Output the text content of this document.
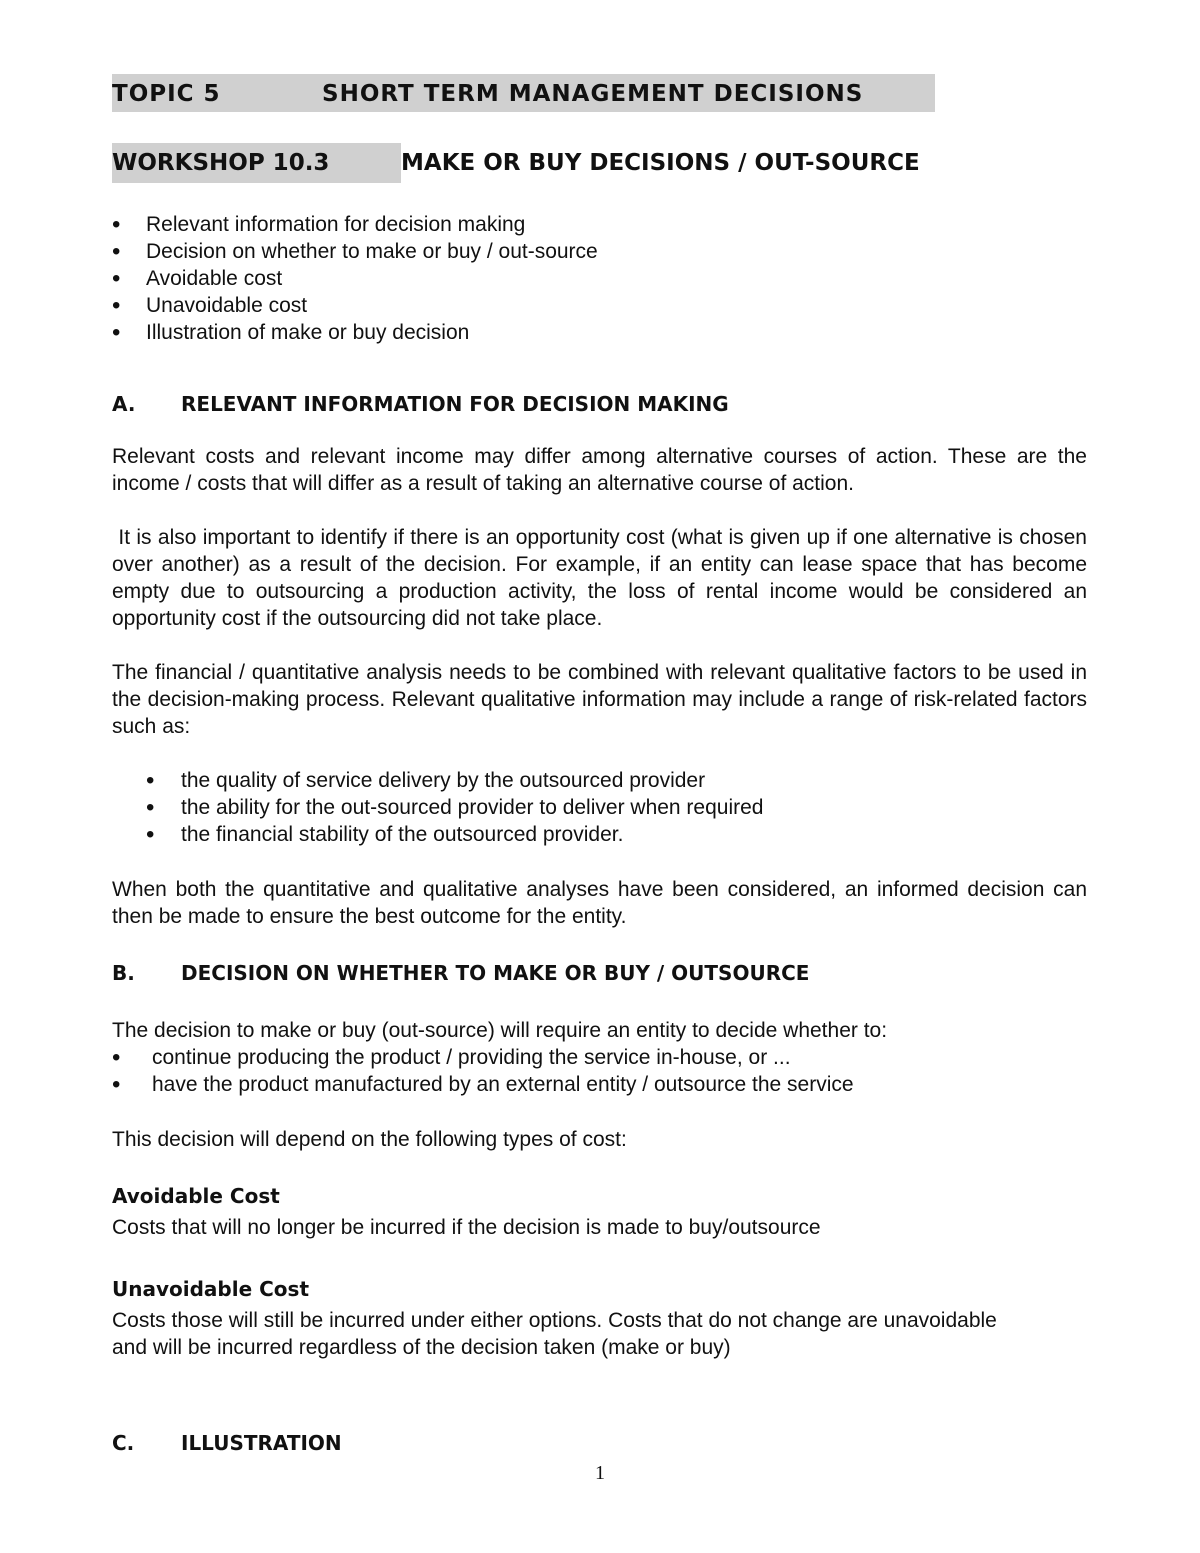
TOPIC 5	SHORT TERM MANAGEMENT DECISIONS
WORKSHOP 10.3	MAKE OR BUY DECISIONS / OUT-SOURCE
• Relevant information for decision making
• Decision on whether to make or buy / out-source
• Avoidable cost
• Unavoidable cost
• Illustration of make or buy decision
A. RELEVANT INFORMATION FOR DECISION MAKING

Relevant costs and relevant income may differ among alternative courses of action. These are the income / costs that will differ as a result of taking an alternative course of action.

It is also important to identify if there is an opportunity cost (what is given up if one alternative is chosen over another) as a result of the decision. For example, if an entity can lease space that has become empty due to outsourcing a production activity, the loss of rental income would be considered an opportunity cost if the outsourcing did not take place.

The financial / quantitative analysis needs to be combined with relevant qualitative factors to be used in the decision-making process. Relevant qualitative information may include a range of risk-related factors such as:

• the quality of service delivery by the outsourced provider
• the ability for the out-sourced provider to deliver when required
• the financial stability of the outsourced provider.

When both the quantitative and qualitative analyses have been considered, an informed decision can then be made to ensure the best outcome for the entity.

B. DECISION ON WHETHER TO MAKE OR BUY / OUTSOURCE

The decision to make or buy (out-source) will require an entity to decide whether to:

• continue producing the product / providing the service in-house, or ...
• have the product manufactured by an external entity / outsource the service

This decision will depend on the following types of cost:

Avoidable Cost

Costs that will no longer be incurred if the decision is made to buy/outsource

Unavoidable Cost

Costs those will still be incurred under either options. Costs that do not change are unavoidable and will be incurred regardless of the decision taken (make or buy)

C. ILLUSTRATION
1
